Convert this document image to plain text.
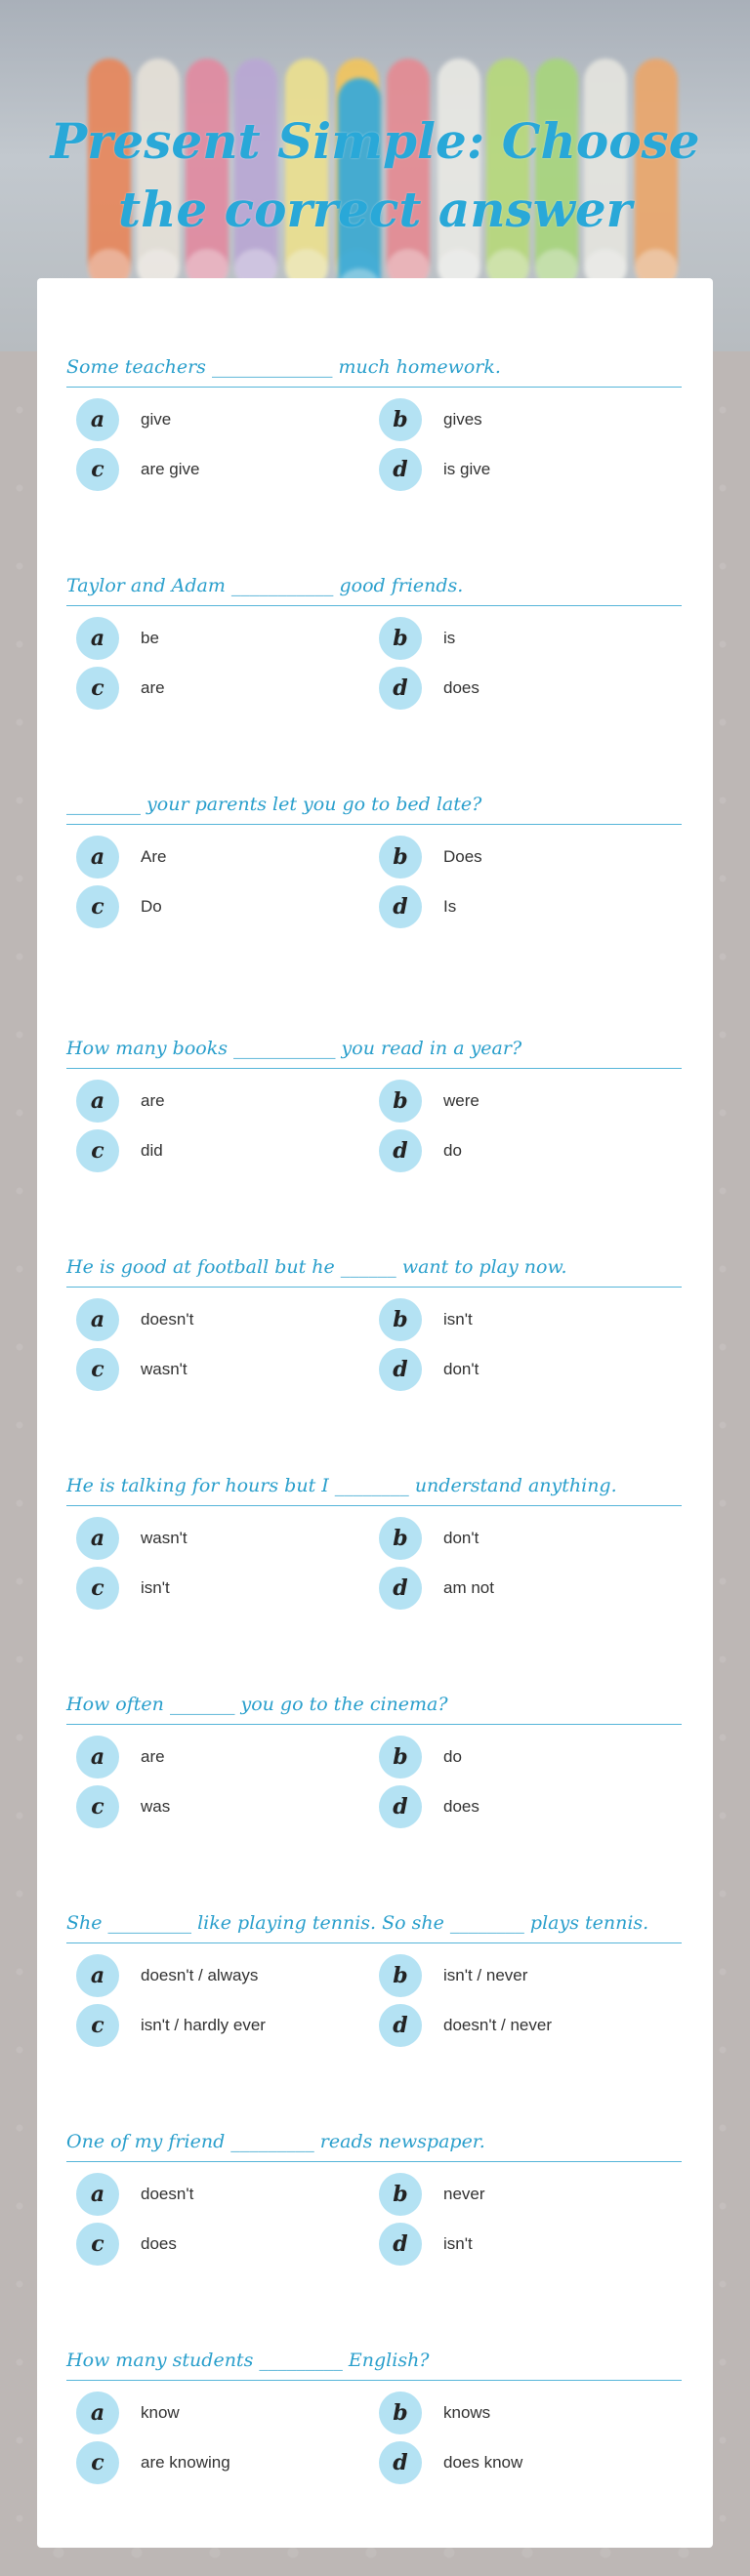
Present Simple: Choose the correct answer
Some teachers _____________ much homework.
a	give	b	gives
c	are give	d	is give
Taylor and Adam ___________ good friends.
a	be	b	is
c	are	d	does
________ your parents let you go to bed late?
a	Are	b	Does
c	Do	d	Is
How many books ___________ you read in a year?
a	are	b	were
c	did	d	do
He is good at football but he ______ want to play now.
a	doesn't	b	isn't
c	wasn't	d	don't
He is talking for hours but I ________ understand anything.
a	wasn't	b	don't
c	isn't	d	am not
How often _______ you go to the cinema?
a	are	b	do
c	was	d	does
She _________ like playing tennis. So she ________ plays tennis.
a	doesn't / always	b	isn't / never
c	isn't / hardly ever	d	doesn't / never
One of my friend _________ reads newspaper.
a	doesn't	b	never
c	does	d	isn't
How many students _________ English?
a	know	b	knows
c	are knowing	d	does know
